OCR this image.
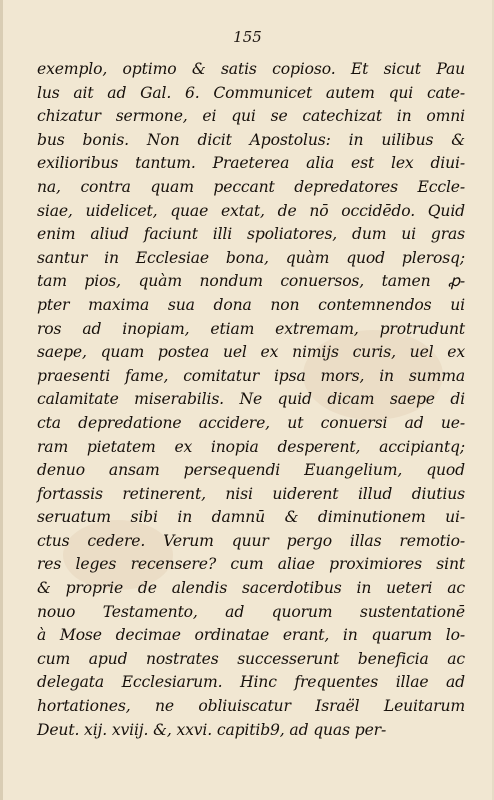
155
exemplo, optimo & satis copioso. Et sicut Pau
lus ait ad Gal. 6. Communicet autem qui cate-
chizatur sermone, ei qui se catechizat in omni
bus bonis. Non dicit Apostolus: in uilibus &
exilioribus tantum. Praeterea alia est lex diui-
na, contra quam peccant depredatores Eccle-
siae, uidelicet, quae extat, de nō occidēdo. Quid
enim aliud faciunt illi spoliatores, dum ui gras
santur in Ecclesiae bona, quàm quod plerosq;
tam pios, quàm nondum conuersos, tamen ꝓ-
pter maxima sua dona non contemnendos ui
ros ad inopiam, etiam extremam, protrudunt
saepe, quam postea uel ex nimijs curis, uel ex
praesenti fame, comitatur ipsa mors, in summa
calamitate miserabilis. Ne quid dicam saepe di
cta depredatione accidere, ut conuersi ad ue-
ram pietatem ex inopia desperent, accipiantq;
denuo ansam persequendi Euangelium, quod
fortassis retinerent, nisi uiderent illud diutius
seruatum sibi in damnū & diminutionem ui-
ctus cedere. Verum quur pergo illas remotio-
res leges recensere? cum aliae proximiores sint
& proprie de alendis sacerdotibus in ueteri ac
nouo Testamento, ad quorum sustentationē
à Mose decimae ordinatae erant, in quarum lo-
cum apud nostrates successerunt beneficia ac
delegata Ecclesiarum. Hinc frequentes illae ad
hortationes, ne obliuiscatur Israël Leuitarum
Deut. xij. xviij. &, xxvi. capitib9, ad quas per-
